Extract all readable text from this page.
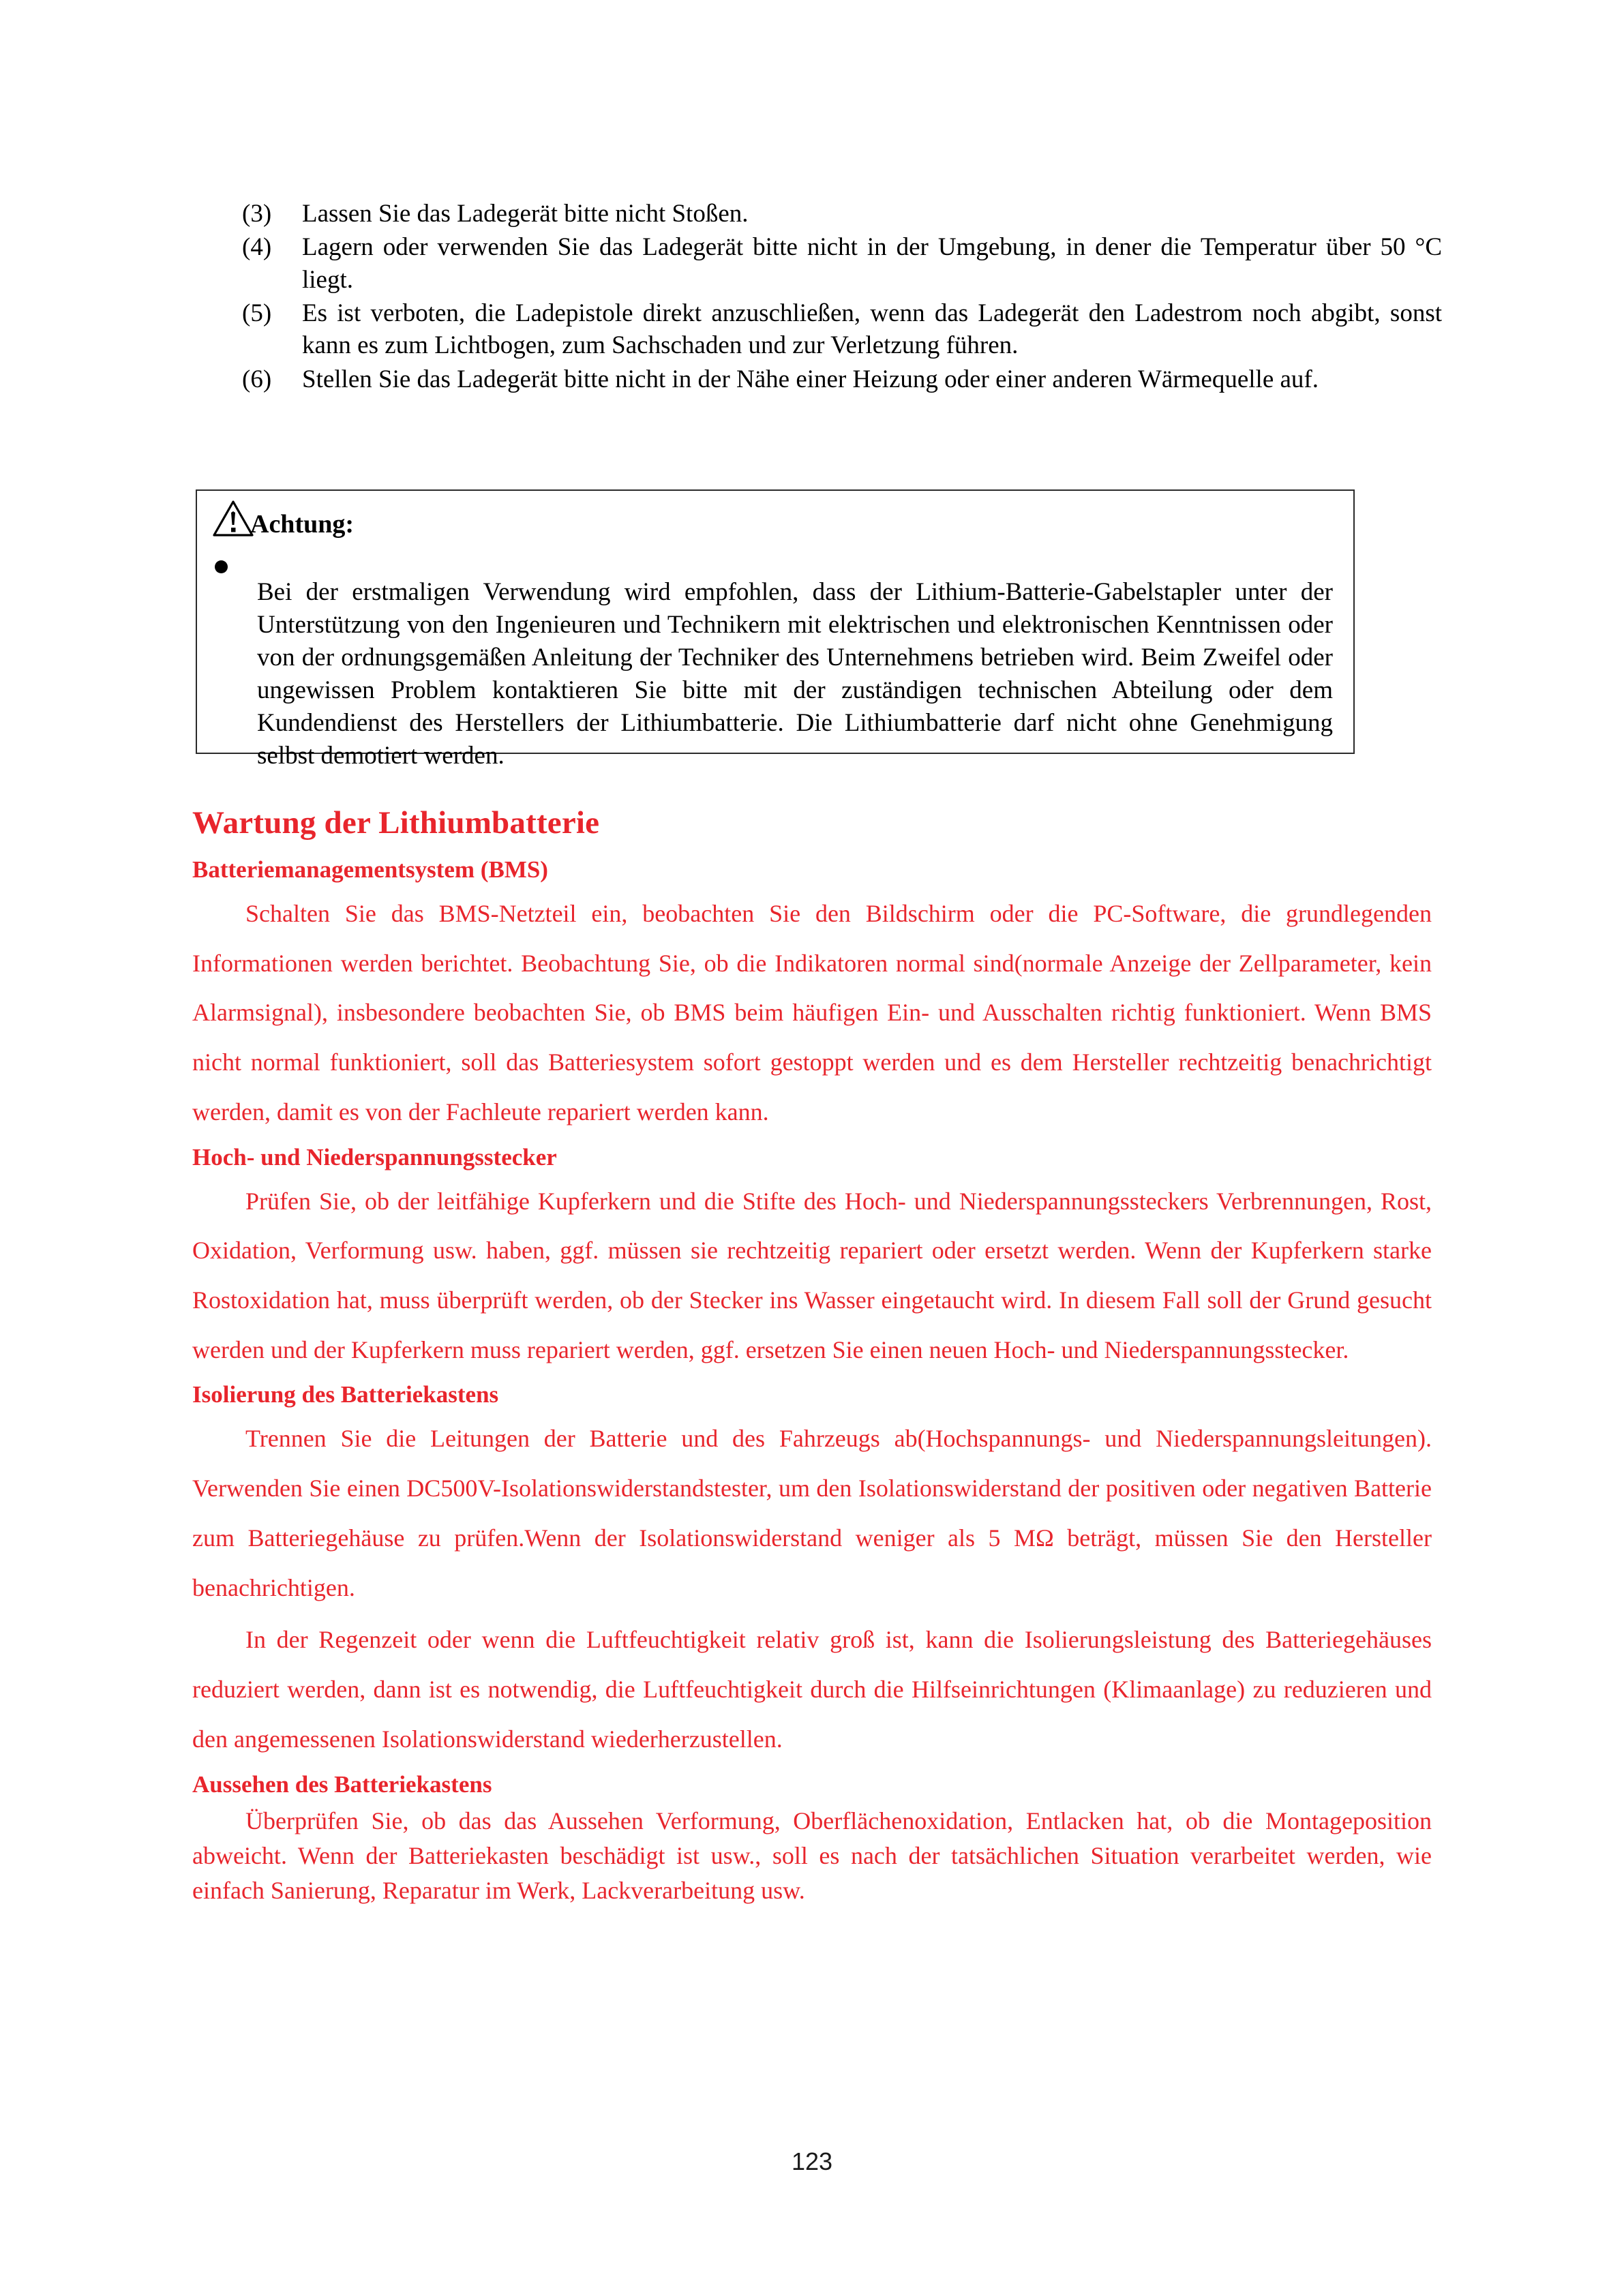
(3)	Lassen Sie das Ladegerät bitte nicht Stoßen.
(4)	Lagern oder verwenden Sie das Ladegerät bitte nicht in der Umgebung, in dener die Temperatur über 50 °C liegt.
(5)	Es ist verboten, die Ladepistole direkt anzuschließen, wenn das Ladegerät den Ladestrom noch abgibt, sonst kann es zum Lichtbogen, zum Sachschaden und zur Verletzung führen.
(6)	Stellen Sie das Ladegerät bitte nicht in der Nähe einer Heizung oder einer anderen Wärmequelle auf.
Achtung:

Bei der erstmaligen Verwendung wird empfohlen, dass der Lithium-Batterie-Gabelstapler unter der Unterstützung von den Ingenieuren und Technikern mit elektrischen und elektronischen Kenntnissen oder von der ordnungsgemäßen Anleitung der Techniker des Unternehmens betrieben wird. Beim Zweifel oder ungewissen Problem kontaktieren Sie bitte mit der zuständigen technischen Abteilung oder dem Kundendienst des Herstellers der Lithiumbatterie. Die Lithiumbatterie darf nicht ohne Genehmigung selbst demotiert werden.

Wartung der Lithiumbatterie
Batteriemanagementsystem (BMS)

Schalten Sie das BMS-Netzteil ein, beobachten Sie den Bildschirm oder die PC-Software, die grundlegenden Informationen werden berichtet. Beobachtung Sie, ob die Indikatoren normal sind(normale Anzeige der Zellparameter, kein Alarmsignal), insbesondere beobachten Sie, ob BMS beim häufigen Ein- und Ausschalten richtig funktioniert. Wenn BMS nicht normal funktioniert, soll das Batteriesystem sofort gestoppt werden und es dem Hersteller rechtzeitig benachrichtigt werden, damit es von der Fachleute repariert werden kann.

Hoch- und Niederspannungsstecker

Prüfen Sie, ob der leitfähige Kupferkern und die Stifte des Hoch- und Niederspannungssteckers Verbrennungen, Rost, Oxidation, Verformung usw. haben, ggf. müssen sie rechtzeitig repariert oder ersetzt werden. Wenn der Kupferkern starke Rostoxidation hat, muss überprüft werden, ob der Stecker ins Wasser eingetaucht wird. In diesem Fall soll der Grund gesucht werden und der Kupferkern muss repariert werden, ggf. ersetzen Sie einen neuen Hoch- und Niederspannungsstecker.

Isolierung des Batteriekastens

Trennen Sie die Leitungen der Batterie und des Fahrzeugs ab(Hochspannungs- und Niederspannungsleitungen). Verwenden Sie einen DC500V-Isolationswiderstandstester, um den Isolationswiderstand der positiven oder negativen Batterie zum Batteriegehäuse zu prüfen.Wenn der Isolationswiderstand weniger als 5 MΩ beträgt, müssen Sie den Hersteller benachrichtigen.

In der Regenzeit oder wenn die Luftfeuchtigkeit relativ groß ist, kann die Isolierungsleistung des Batteriegehäuses reduziert werden, dann ist es notwendig, die Luftfeuchtigkeit durch die Hilfseinrichtungen (Klimaanlage) zu reduzieren und den angemessenen Isolationswiderstand wiederherzustellen.

Aussehen des Batteriekastens

Überprüfen Sie, ob das das Aussehen Verformung, Oberflächenoxidation, Entlacken hat, ob die Montageposition abweicht. Wenn der Batteriekasten beschädigt ist usw., soll es nach der tatsächlichen Situation verarbeitet werden, wie einfach Sanierung, Reparatur im Werk, Lackverarbeitung usw.

123
